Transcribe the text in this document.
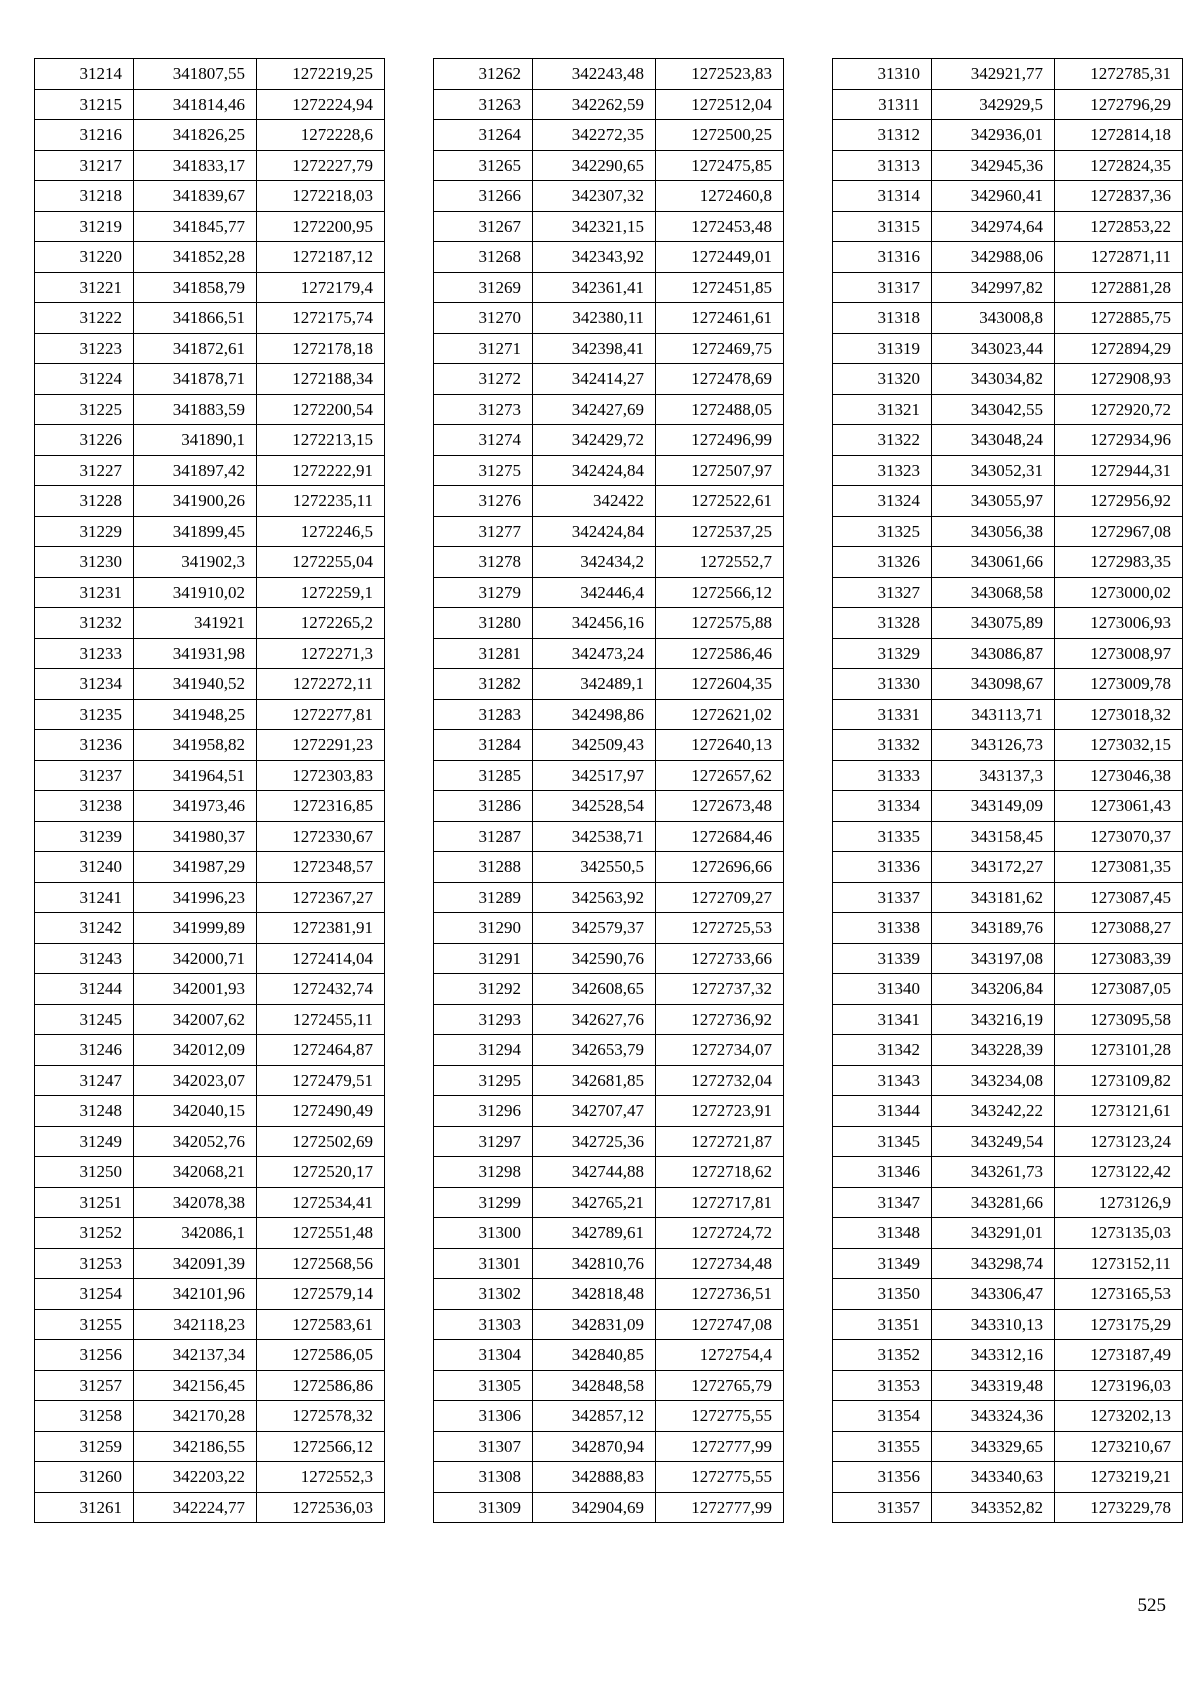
31214	341807,55	1272219,25
31215	341814,46	1272224,94
31216	341826,25	1272228,6
31217	341833,17	1272227,79
31218	341839,67	1272218,03
31219	341845,77	1272200,95
31220	341852,28	1272187,12
31221	341858,79	1272179,4
31222	341866,51	1272175,74
31223	341872,61	1272178,18
31224	341878,71	1272188,34
31225	341883,59	1272200,54
31226	341890,1	1272213,15
31227	341897,42	1272222,91
31228	341900,26	1272235,11
31229	341899,45	1272246,5
31230	341902,3	1272255,04
31231	341910,02	1272259,1
31232	341921	1272265,2
31233	341931,98	1272271,3
31234	341940,52	1272272,11
31235	341948,25	1272277,81
31236	341958,82	1272291,23
31237	341964,51	1272303,83
31238	341973,46	1272316,85
31239	341980,37	1272330,67
31240	341987,29	1272348,57
31241	341996,23	1272367,27
31242	341999,89	1272381,91
31243	342000,71	1272414,04
31244	342001,93	1272432,74
31245	342007,62	1272455,11
31246	342012,09	1272464,87
31247	342023,07	1272479,51
31248	342040,15	1272490,49
31249	342052,76	1272502,69
31250	342068,21	1272520,17
31251	342078,38	1272534,41
31252	342086,1	1272551,48
31253	342091,39	1272568,56
31254	342101,96	1272579,14
31255	342118,23	1272583,61
31256	342137,34	1272586,05
31257	342156,45	1272586,86
31258	342170,28	1272578,32
31259	342186,55	1272566,12
31260	342203,22	1272552,3
31261	342224,77	1272536,03
31262	342243,48	1272523,83
31263	342262,59	1272512,04
31264	342272,35	1272500,25
31265	342290,65	1272475,85
31266	342307,32	1272460,8
31267	342321,15	1272453,48
31268	342343,92	1272449,01
31269	342361,41	1272451,85
31270	342380,11	1272461,61
31271	342398,41	1272469,75
31272	342414,27	1272478,69
31273	342427,69	1272488,05
31274	342429,72	1272496,99
31275	342424,84	1272507,97
31276	342422	1272522,61
31277	342424,84	1272537,25
31278	342434,2	1272552,7
31279	342446,4	1272566,12
31280	342456,16	1272575,88
31281	342473,24	1272586,46
31282	342489,1	1272604,35
31283	342498,86	1272621,02
31284	342509,43	1272640,13
31285	342517,97	1272657,62
31286	342528,54	1272673,48
31287	342538,71	1272684,46
31288	342550,5	1272696,66
31289	342563,92	1272709,27
31290	342579,37	1272725,53
31291	342590,76	1272733,66
31292	342608,65	1272737,32
31293	342627,76	1272736,92
31294	342653,79	1272734,07
31295	342681,85	1272732,04
31296	342707,47	1272723,91
31297	342725,36	1272721,87
31298	342744,88	1272718,62
31299	342765,21	1272717,81
31300	342789,61	1272724,72
31301	342810,76	1272734,48
31302	342818,48	1272736,51
31303	342831,09	1272747,08
31304	342840,85	1272754,4
31305	342848,58	1272765,79
31306	342857,12	1272775,55
31307	342870,94	1272777,99
31308	342888,83	1272775,55
31309	342904,69	1272777,99
31310	342921,77	1272785,31
31311	342929,5	1272796,29
31312	342936,01	1272814,18
31313	342945,36	1272824,35
31314	342960,41	1272837,36
31315	342974,64	1272853,22
31316	342988,06	1272871,11
31317	342997,82	1272881,28
31318	343008,8	1272885,75
31319	343023,44	1272894,29
31320	343034,82	1272908,93
31321	343042,55	1272920,72
31322	343048,24	1272934,96
31323	343052,31	1272944,31
31324	343055,97	1272956,92
31325	343056,38	1272967,08
31326	343061,66	1272983,35
31327	343068,58	1273000,02
31328	343075,89	1273006,93
31329	343086,87	1273008,97
31330	343098,67	1273009,78
31331	343113,71	1273018,32
31332	343126,73	1273032,15
31333	343137,3	1273046,38
31334	343149,09	1273061,43
31335	343158,45	1273070,37
31336	343172,27	1273081,35
31337	343181,62	1273087,45
31338	343189,76	1273088,27
31339	343197,08	1273083,39
31340	343206,84	1273087,05
31341	343216,19	1273095,58
31342	343228,39	1273101,28
31343	343234,08	1273109,82
31344	343242,22	1273121,61
31345	343249,54	1273123,24
31346	343261,73	1273122,42
31347	343281,66	1273126,9
31348	343291,01	1273135,03
31349	343298,74	1273152,11
31350	343306,47	1273165,53
31351	343310,13	1273175,29
31352	343312,16	1273187,49
31353	343319,48	1273196,03
31354	343324,36	1273202,13
31355	343329,65	1273210,67
31356	343340,63	1273219,21
31357	343352,82	1273229,78
525
